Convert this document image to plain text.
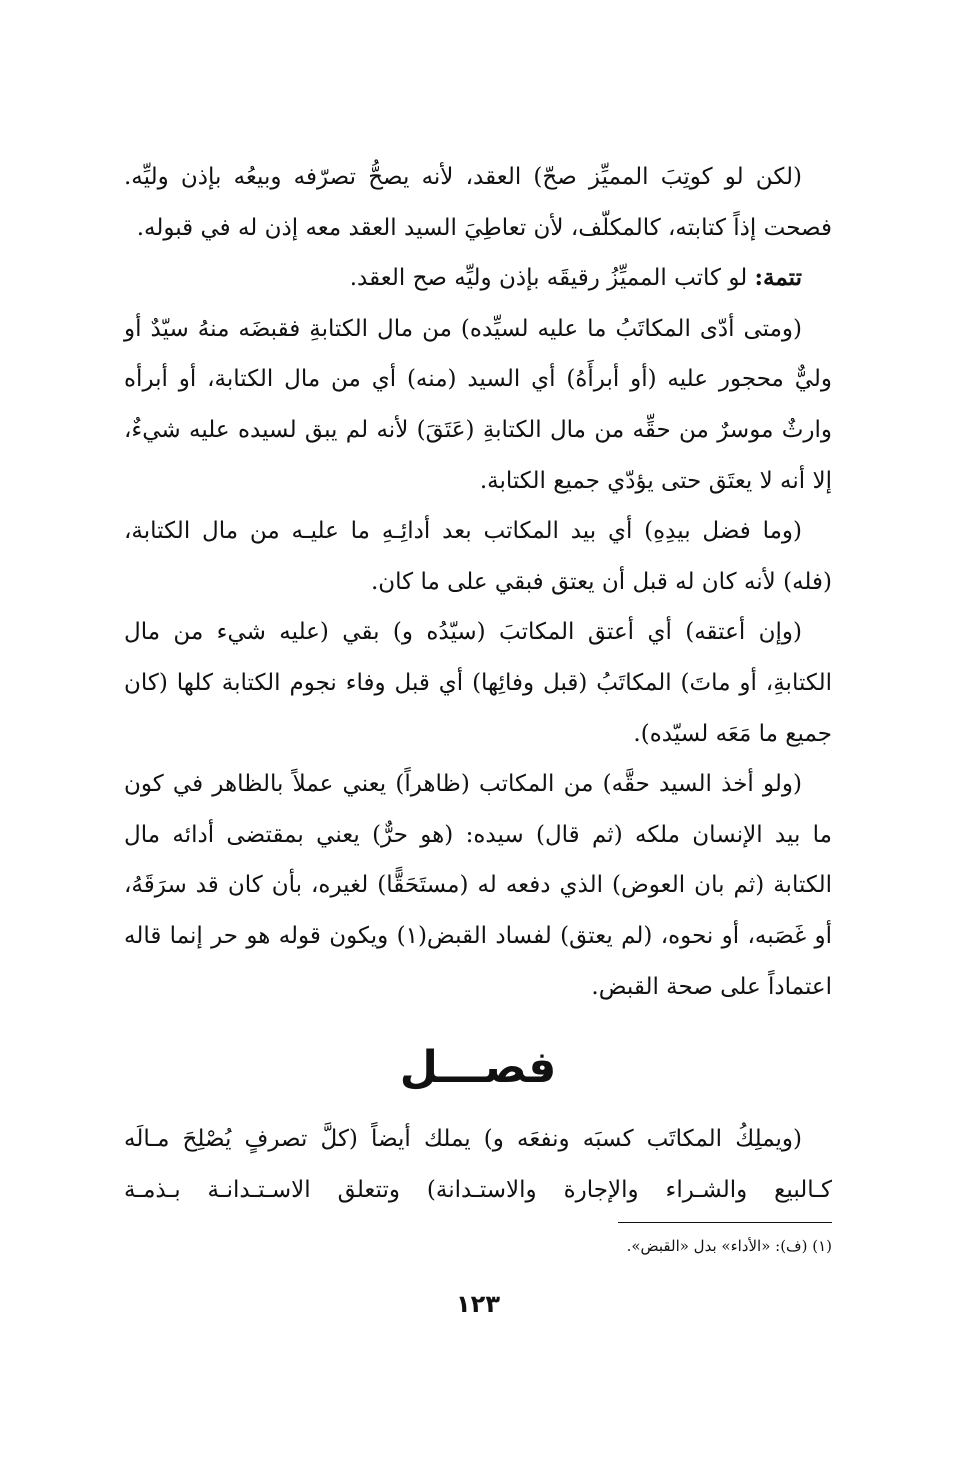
(لكن لو كوتِبَ المميِّز صحّ) العقد، لأنه يصحُّ تصرّفه وبيعُه بإذن وليِّه. فصحت إذاً كتابته، كالمكلّف، لأن تعاطِيَ السيد العقد معه إذن له في قبوله.

تتمة: لو كاتب المميِّزُ رقيقَه بإذن وليِّه صح العقد.

(ومتى أدّى المكاتَبُ ما عليه لسيِّده) من مال الكتابةِ فقبضَه منهُ سيّدٌ أو وليٌّ محجور عليه (أو أبرأَهُ) أي السيد (منه) أي من مال الكتابة، أو أبرأه وارثٌ موسرٌ من حقِّه من مال الكتابةِ (عَتَقَ) لأنه لم يبق لسيده عليه شيءٌ، إلا أنه لا يعتَق حتى يؤدّي جميع الكتابة.

(وما فضل بيدِهِ) أي بيد المكاتب بعد أدائِـهِ ما عليـه من مال الكتابة، (فله) لأنه كان له قبل أن يعتق فبقي على ما كان.

(وإن أعتقه) أي أعتق المكاتبَ (سيّدُه و) بقي (عليه شيء من مال الكتابةِ، أو ماتَ) المكاتَبُ (قبل وفائِها) أي قبل وفاء نجوم الكتابة كلها (كان جميع ما مَعَه لسيّده).

(ولو أخذ السيد حقَّه) من المكاتب (ظاهراً) يعني عملاً بالظاهر في كون ما بيد الإنسان ملكه (ثم قال) سيده: (هو حرٌّ) يعني بمقتضى أدائه مال الكتابة (ثم بان العوض) الذي دفعه له (مستَحَقًّا) لغيره، بأن كان قد سرَقَهُ، أو غَصَبه، أو نحوه، (لم يعتق) لفساد القبض(١) ويكون قوله هو حر إنما قاله اعتماداً على صحة القبض.

فصـــل

(ويملِكُ المكاتَب كسبَه ونفعَه و) يملك أيضاً (كلَّ تصرفٍ يُصْلِحَ مـالَه كـالبيع والشـراء والإجارة والاستـدانة) وتتعلق الاسـتـدانـة بـذمـة

(١) (ف): «الأداء» بدل «القبض».
١٢٣
